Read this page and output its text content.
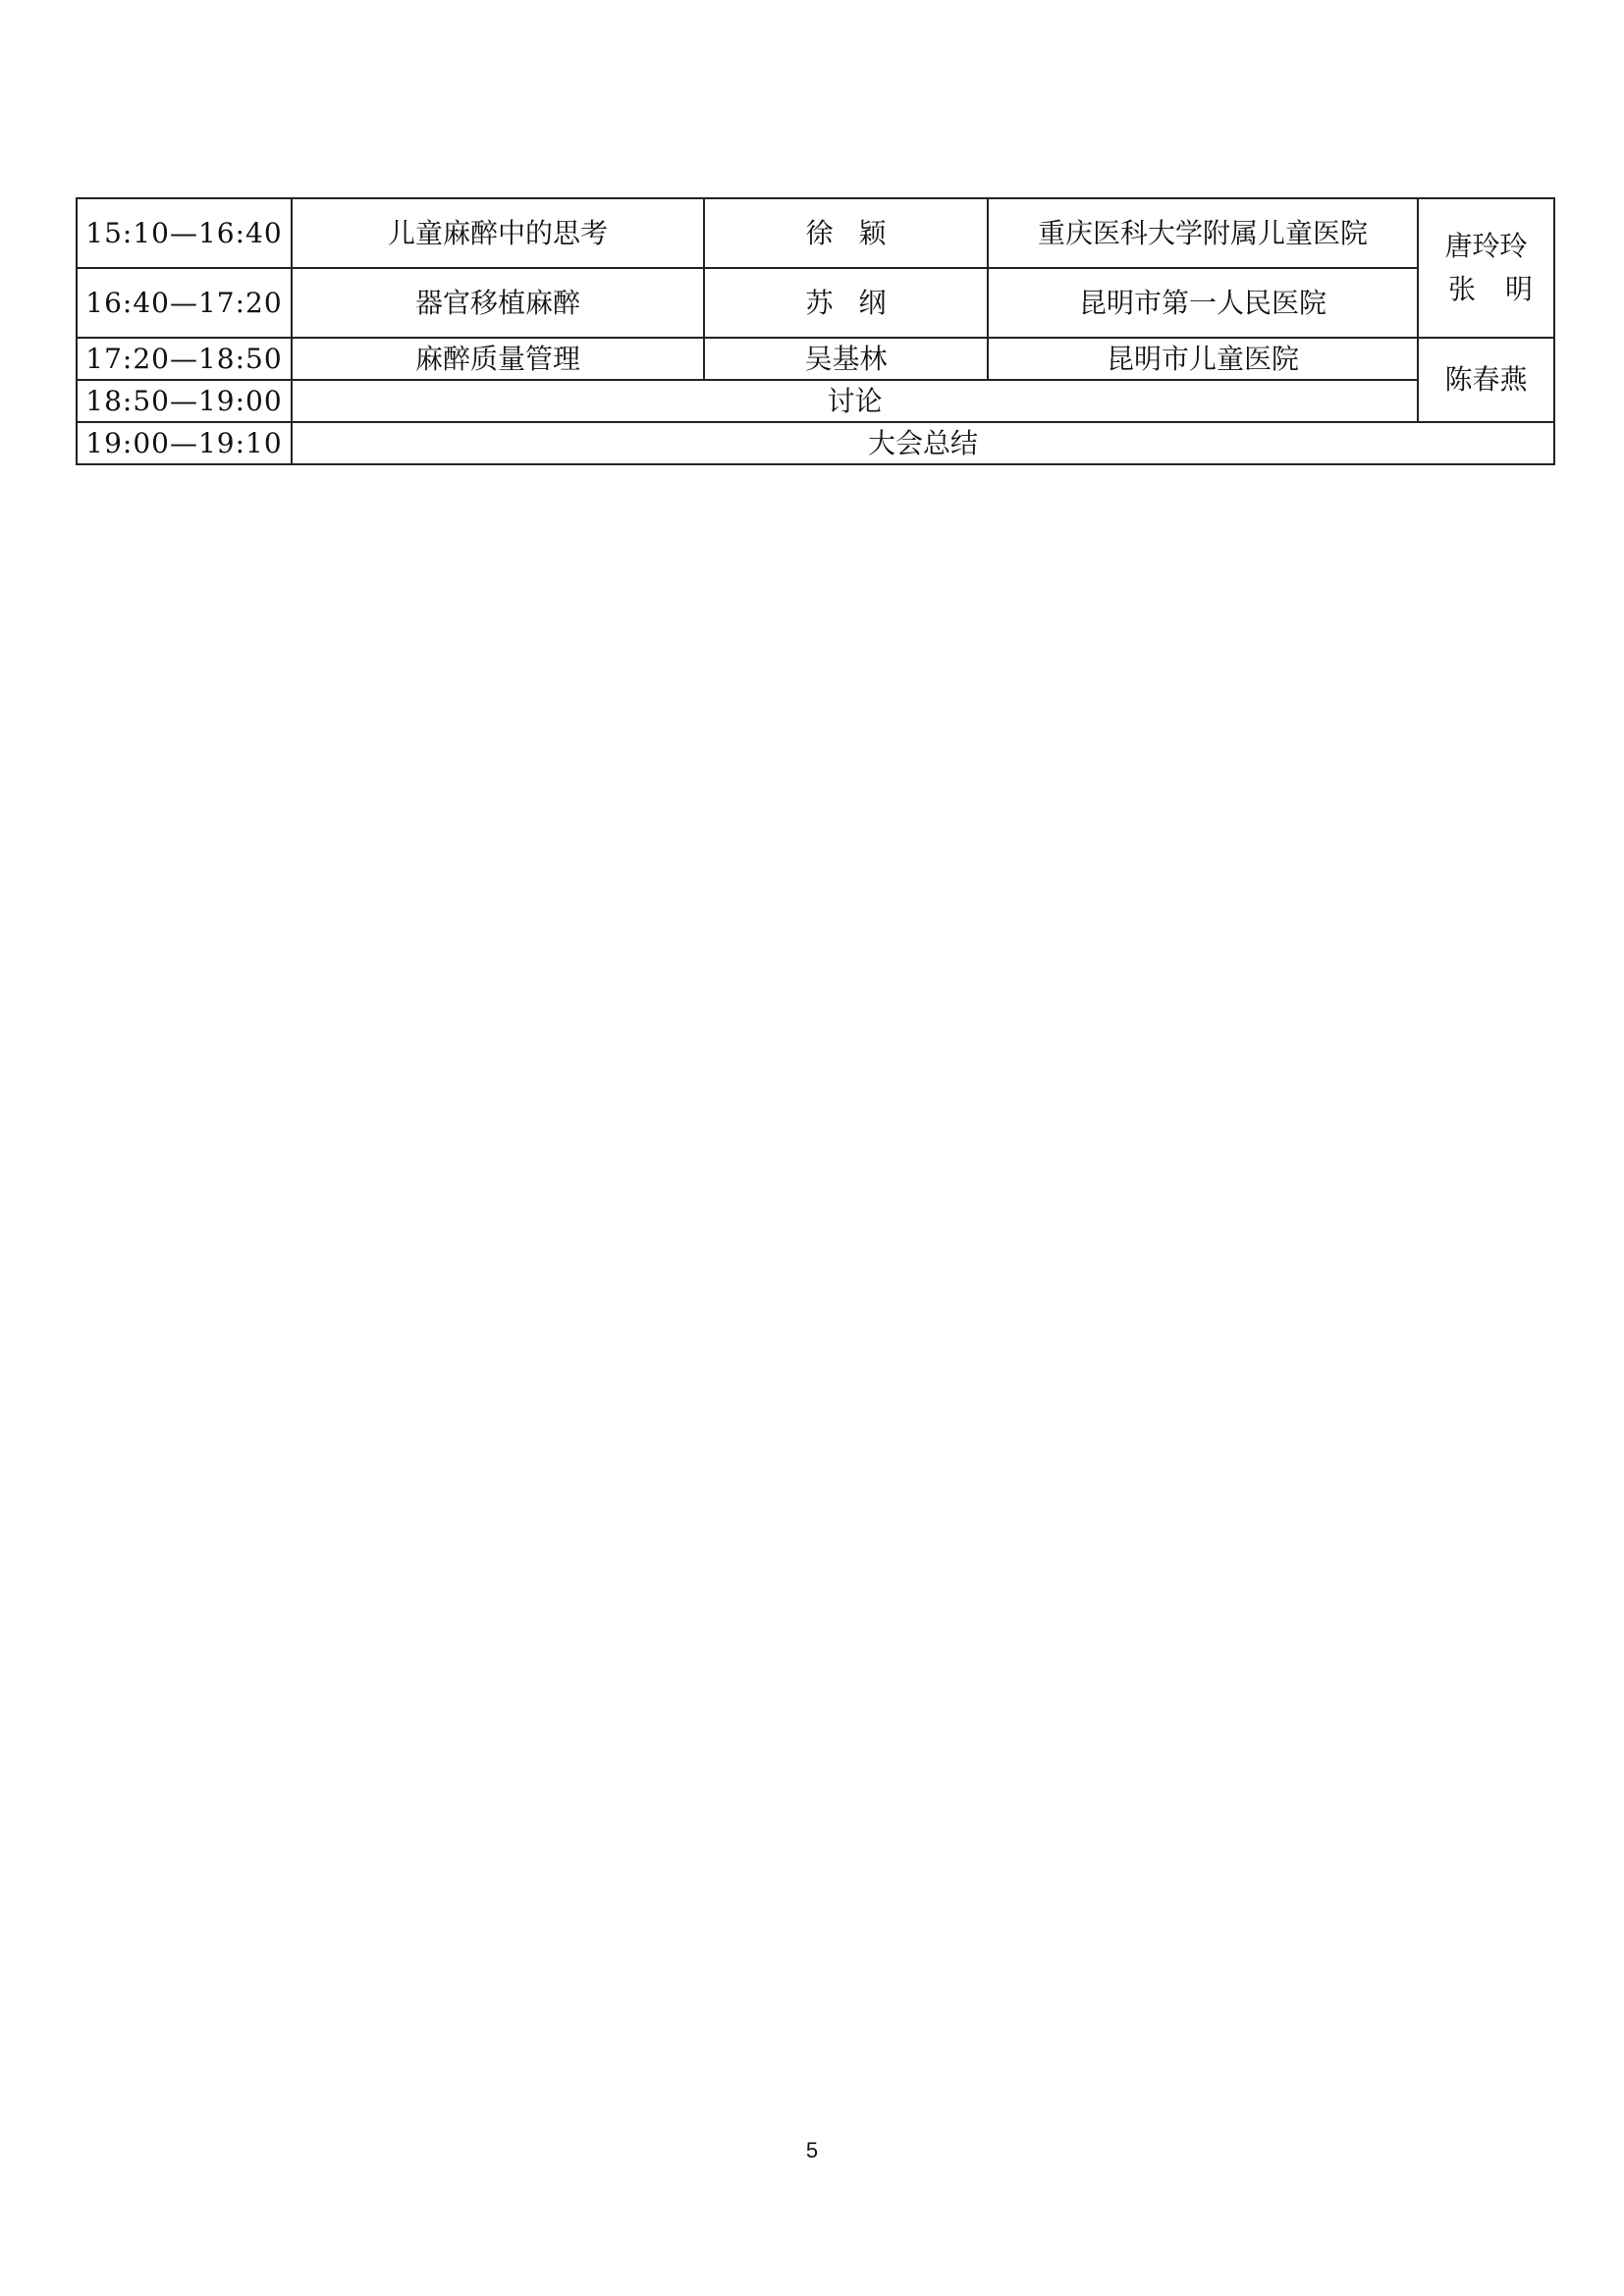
15:10—16:40	儿童麻醉中的思考	徐颖	重庆医科大学附属儿童医院	唐玲玲
张明

16:40—17:20	器官移植麻醉	苏纲	昆明市第一人民医院	
17:20—18:50	麻醉质量管理	吴基林	昆明市儿童医院	陈春燕

18:50—19:00	讨论			
19:00—19:10	大会总结			
5
